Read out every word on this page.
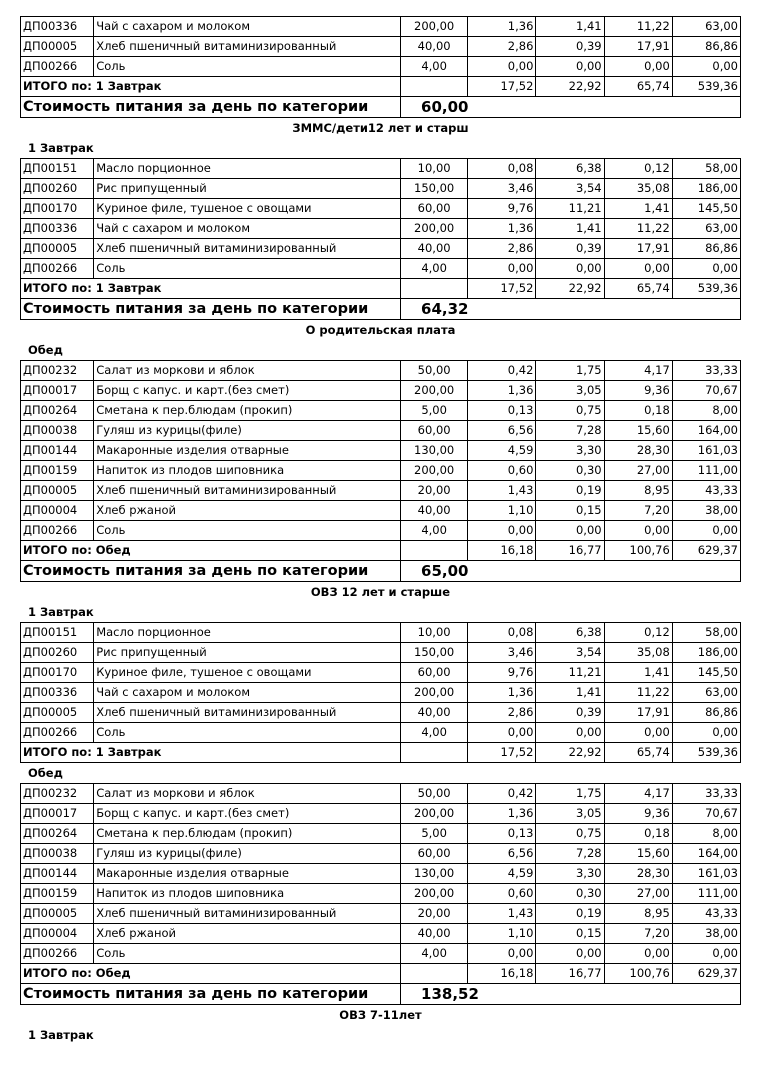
ДП00336	Чай с сахаром и молоком	200,00	1,36	1,41	11,22	63,00
ДП00005	Хлеб пшеничный витаминизированный	40,00	2,86	0,39	17,91	86,86
ДП00266	Соль	4,00	0,00	0,00	0,00	0,00
ИТОГО по: 1 Завтрак			17,52	22,92	65,74	539,36
Стоимость питания за день по категории		60,00				
ЗММС/дети12 лет и старш
1 Завтрак
ДП00151	Масло порционное	10,00	0,08	6,38	0,12	58,00
ДП00260	Рис припущенный	150,00	3,46	3,54	35,08	186,00
ДП00170	Куриное филе, тушеное с овощами	60,00	9,76	11,21	1,41	145,50
ДП00336	Чай с сахаром и молоком	200,00	1,36	1,41	11,22	63,00
ДП00005	Хлеб пшеничный витаминизированный	40,00	2,86	0,39	17,91	86,86
ДП00266	Соль	4,00	0,00	0,00	0,00	0,00
ИТОГО по: 1 Завтрак			17,52	22,92	65,74	539,36
Стоимость питания за день по категории		64,32				
О родительская плата
Обед
ДП00232	Салат из моркови и яблок	50,00	0,42	1,75	4,17	33,33
ДП00017	Борщ с капус. и карт.(без смет)	200,00	1,36	3,05	9,36	70,67
ДП00264	Сметана к пер.блюдам (прокип)	5,00	0,13	0,75	0,18	8,00
ДП00038	Гуляш из курицы(филе)	60,00	6,56	7,28	15,60	164,00
ДП00144	Макаронные изделия отварные	130,00	4,59	3,30	28,30	161,03
ДП00159	Напиток из плодов шиповника	200,00	0,60	0,30	27,00	111,00
ДП00005	Хлеб пшеничный витаминизированный	20,00	1,43	0,19	8,95	43,33
ДП00004	Хлеб ржаной	40,00	1,10	0,15	7,20	38,00
ДП00266	Соль	4,00	0,00	0,00	0,00	0,00
ИТОГО по: Обед			16,18	16,77	100,76	629,37
Стоимость питания за день по категории		65,00				
ОВЗ 12 лет и старше
1 Завтрак
ДП00151	Масло порционное	10,00	0,08	6,38	0,12	58,00
ДП00260	Рис припущенный	150,00	3,46	3,54	35,08	186,00
ДП00170	Куриное филе, тушеное с овощами	60,00	9,76	11,21	1,41	145,50
ДП00336	Чай с сахаром и молоком	200,00	1,36	1,41	11,22	63,00
ДП00005	Хлеб пшеничный витаминизированный	40,00	2,86	0,39	17,91	86,86
ДП00266	Соль	4,00	0,00	0,00	0,00	0,00
ИТОГО по: 1 Завтрак			17,52	22,92	65,74	539,36
Обед
ДП00232	Салат из моркови и яблок	50,00	0,42	1,75	4,17	33,33
ДП00017	Борщ с капус. и карт.(без смет)	200,00	1,36	3,05	9,36	70,67
ДП00264	Сметана к пер.блюдам (прокип)	5,00	0,13	0,75	0,18	8,00
ДП00038	Гуляш из курицы(филе)	60,00	6,56	7,28	15,60	164,00
ДП00144	Макаронные изделия отварные	130,00	4,59	3,30	28,30	161,03
ДП00159	Напиток из плодов шиповника	200,00	0,60	0,30	27,00	111,00
ДП00005	Хлеб пшеничный витаминизированный	20,00	1,43	0,19	8,95	43,33
ДП00004	Хлеб ржаной	40,00	1,10	0,15	7,20	38,00
ДП00266	Соль	4,00	0,00	0,00	0,00	0,00
ИТОГО по: Обед			16,18	16,77	100,76	629,37
Стоимость питания за день по категории		138,52				
ОВЗ 7-11лет
1 Завтрак
